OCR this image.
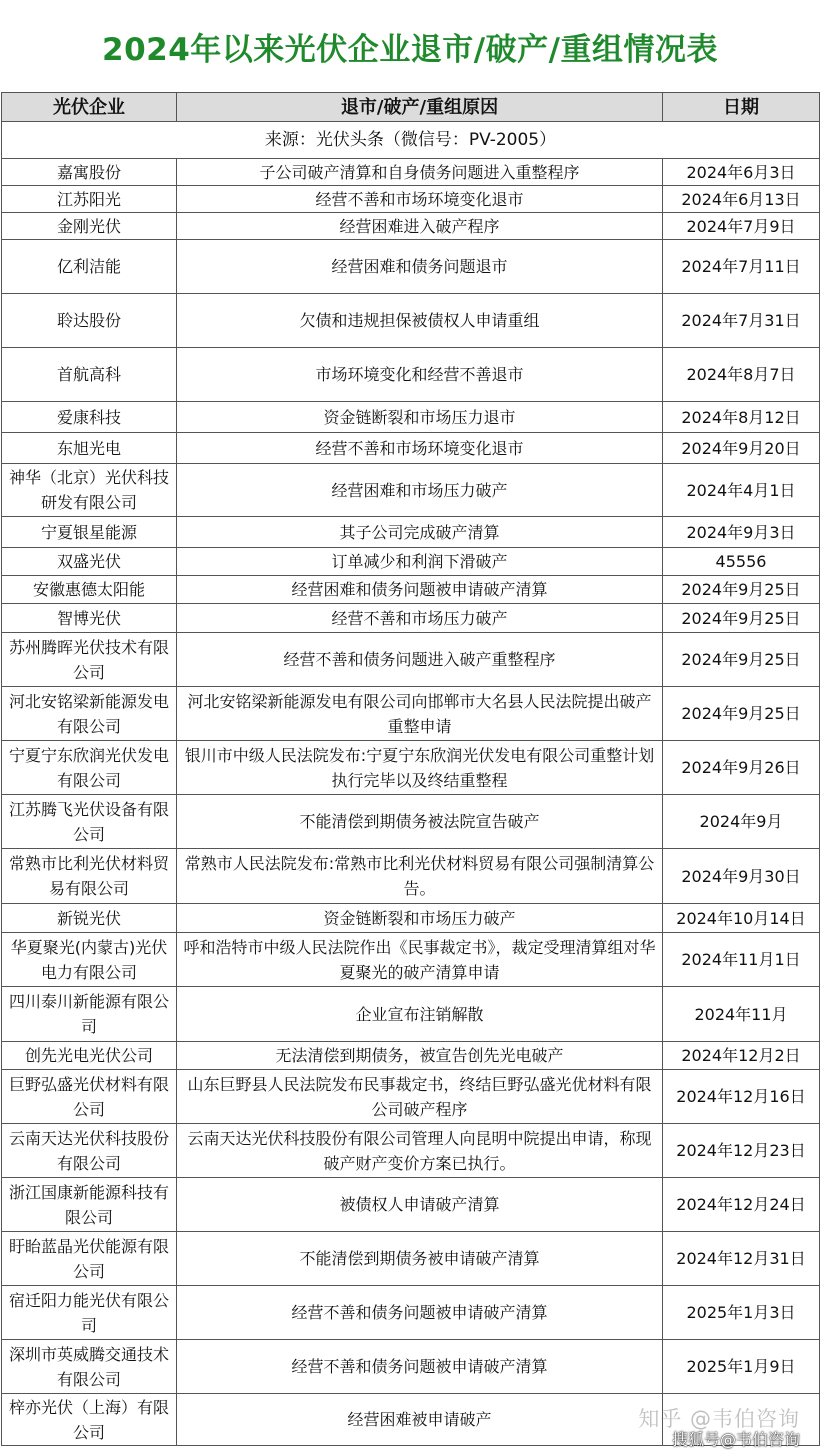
2024年以来光伏企业退市/破产/重组情况表
光伏企业	退市/破产/重组原因	日期
来源：光伏头条（微信号：PV-2005）		
嘉寓股份	子公司破产清算和自身债务问题进入重整程序	2024年6月3日
江苏阳光	经营不善和市场环境变化退市	2024年6月13日
金刚光伏	经营困难进入破产程序	2024年7月9日
亿利洁能	经营困难和债务问题退市	2024年7月11日
聆达股份	欠债和违规担保被债权人申请重组	2024年7月31日
首航高科	市场环境变化和经营不善退市	2024年8月7日
爱康科技	资金链断裂和市场压力退市	2024年8月12日
东旭光电	经营不善和市场环境变化退市	2024年9月20日
神华（北京）光伏科技研发有限公司	经营困难和市场压力破产	2024年4月1日
宁夏银星能源	其子公司完成破产清算	2024年9月3日
双盛光伏	订单减少和利润下滑破产	45556
安徽惠德太阳能	经营困难和债务问题被申请破产清算	2024年9月25日
智博光伏	经营不善和市场压力破产	2024年9月25日
苏州腾晖光伏技术有限公司	经营不善和债务问题进入破产重整程序	2024年9月25日
河北安铭梁新能源发电有限公司	河北安铭梁新能源发电有限公司向邯郸市大名县人民法院提出破产重整申请	2024年9月25日
宁夏宁东欣润光伏发电有限公司	银川市中级人民法院发布:宁夏宁东欣润光伏发电有限公司重整计划执行完毕以及终结重整程	2024年9月26日
江苏腾飞光伏设备有限公司	不能清偿到期债务被法院宣告破产	2024年9月
常熟市比利光伏材料贸易有限公司	常熟市人民法院发布:常熟市比利光伏材料贸易有限公司强制清算公告。	2024年9月30日
新锐光伏	资金链断裂和市场压力破产	2024年10月14日
华夏聚光(内蒙古)光伏电力有限公司	呼和浩特市中级人民法院作出《民事裁定书》，裁定受理清算组对华夏聚光的破产清算申请	2024年11月1日
四川泰川新能源有限公司	企业宣布注销解散	2024年11月
创先光电光伏公司	无法清偿到期债务，被宣告创先光电破产	2024年12月2日
巨野弘盛光伏材料有限公司	山东巨野县人民法院发布民事裁定书，终结巨野弘盛光优材料有限公司破产程序	2024年12月16日
云南天达光伏科技股份有限公司	云南天达光伏科技股份有限公司管理人向昆明中院提出申请，称现破产财产变价方案已执行。	2024年12月23日
浙江国康新能源科技有限公司	被债权人申请破产清算	2024年12月24日
盱眙蓝晶光伏能源有限公司	不能清偿到期债务被申请破产清算	2024年12月31日
宿迁阳力能光伏有限公司	经营不善和债务问题被申请破产清算	2025年1月3日
深圳市英威腾交通技术有限公司	经营不善和债务问题被申请破产清算	2025年1月9日
梓亦光伏（上海）有限公司	经营困难被申请破产		知乎 @韦伯咨询
搜狐号@韦伯咨询
